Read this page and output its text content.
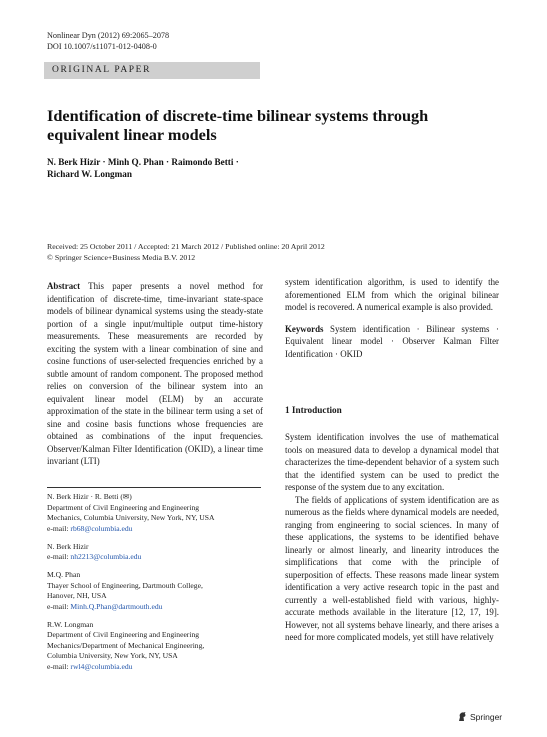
Nonlinear Dyn (2012) 69:2065–2078
DOI 10.1007/s11071-012-0408-0
ORIGINAL PAPER
Identification of discrete-time bilinear systems through
equivalent linear models
N. Berk Hizir · Minh Q. Phan · Raimondo Betti ·
Richard W. Longman
Received: 25 October 2011 / Accepted: 21 March 2012 / Published online: 20 April 2012
© Springer Science+Business Media B.V. 2012

Abstract This paper presents a novel method for identification of discrete-time, time-invariant state-space models of bilinear dynamical systems using the steady-state portion of a single input/multiple output time-history measurements. These measurements are recorded by exciting the system with a linear combination of sine and cosine functions of user-selected frequencies enriched by a subtle amount of random component. The proposed method relies on conversion of the bilinear system into an equivalent linear model (ELM) by an accurate approximation of the state in the bilinear term using a set of sine and cosine basis functions whose frequencies are obtained as combinations of the input frequencies. Observer/Kalman Filter Identification (OKID), a linear time invariant (LTI)

N. Berk Hizir · R. Betti (✉)
Department of Civil Engineering and Engineering
Mechanics, Columbia University, New York, NY, USA
e-mail: rb68@columbia.edu
N. Berk Hizir
e-mail: nh2213@columbia.edu
M.Q. Phan
Thayer School of Engineering, Dartmouth College,
Hanover, NH, USA
e-mail: Minh.Q.Phan@dartmouth.edu
R.W. Longman
Department of Civil Engineering and Engineering
Mechanics/Department of Mechanical Engineering,
Columbia University, New York, NY, USA
e-mail: rwl4@columbia.edu

system identification algorithm, is used to identify the aforementioned ELM from which the original bilinear model is recovered. A numerical example is also provided.

Keywords System identification · Bilinear systems · Equivalent linear model · Observer Kalman Filter Identification · OKID

1 Introduction

System identification involves the use of mathematical tools on measured data to develop a dynamical model that characterizes the time-dependent behavior of a system such that the identified system can be used to predict the response of the system due to any excitation.

The fields of applications of system identification are as numerous as the fields where dynamical models are needed, ranging from engineering to social sciences. In many of these applications, the systems to be identified behave linearly or almost linearly, and linearity introduces the simplifications that come with the principle of superposition of effects. These reasons made linear system identification a very active research topic in the past and currently a well-established field with various, highly-accurate methods available in the literature [12, 17, 19]. However, not all systems behave linearly, and there arises a need for more complicated models, yet still have relatively

Springer
